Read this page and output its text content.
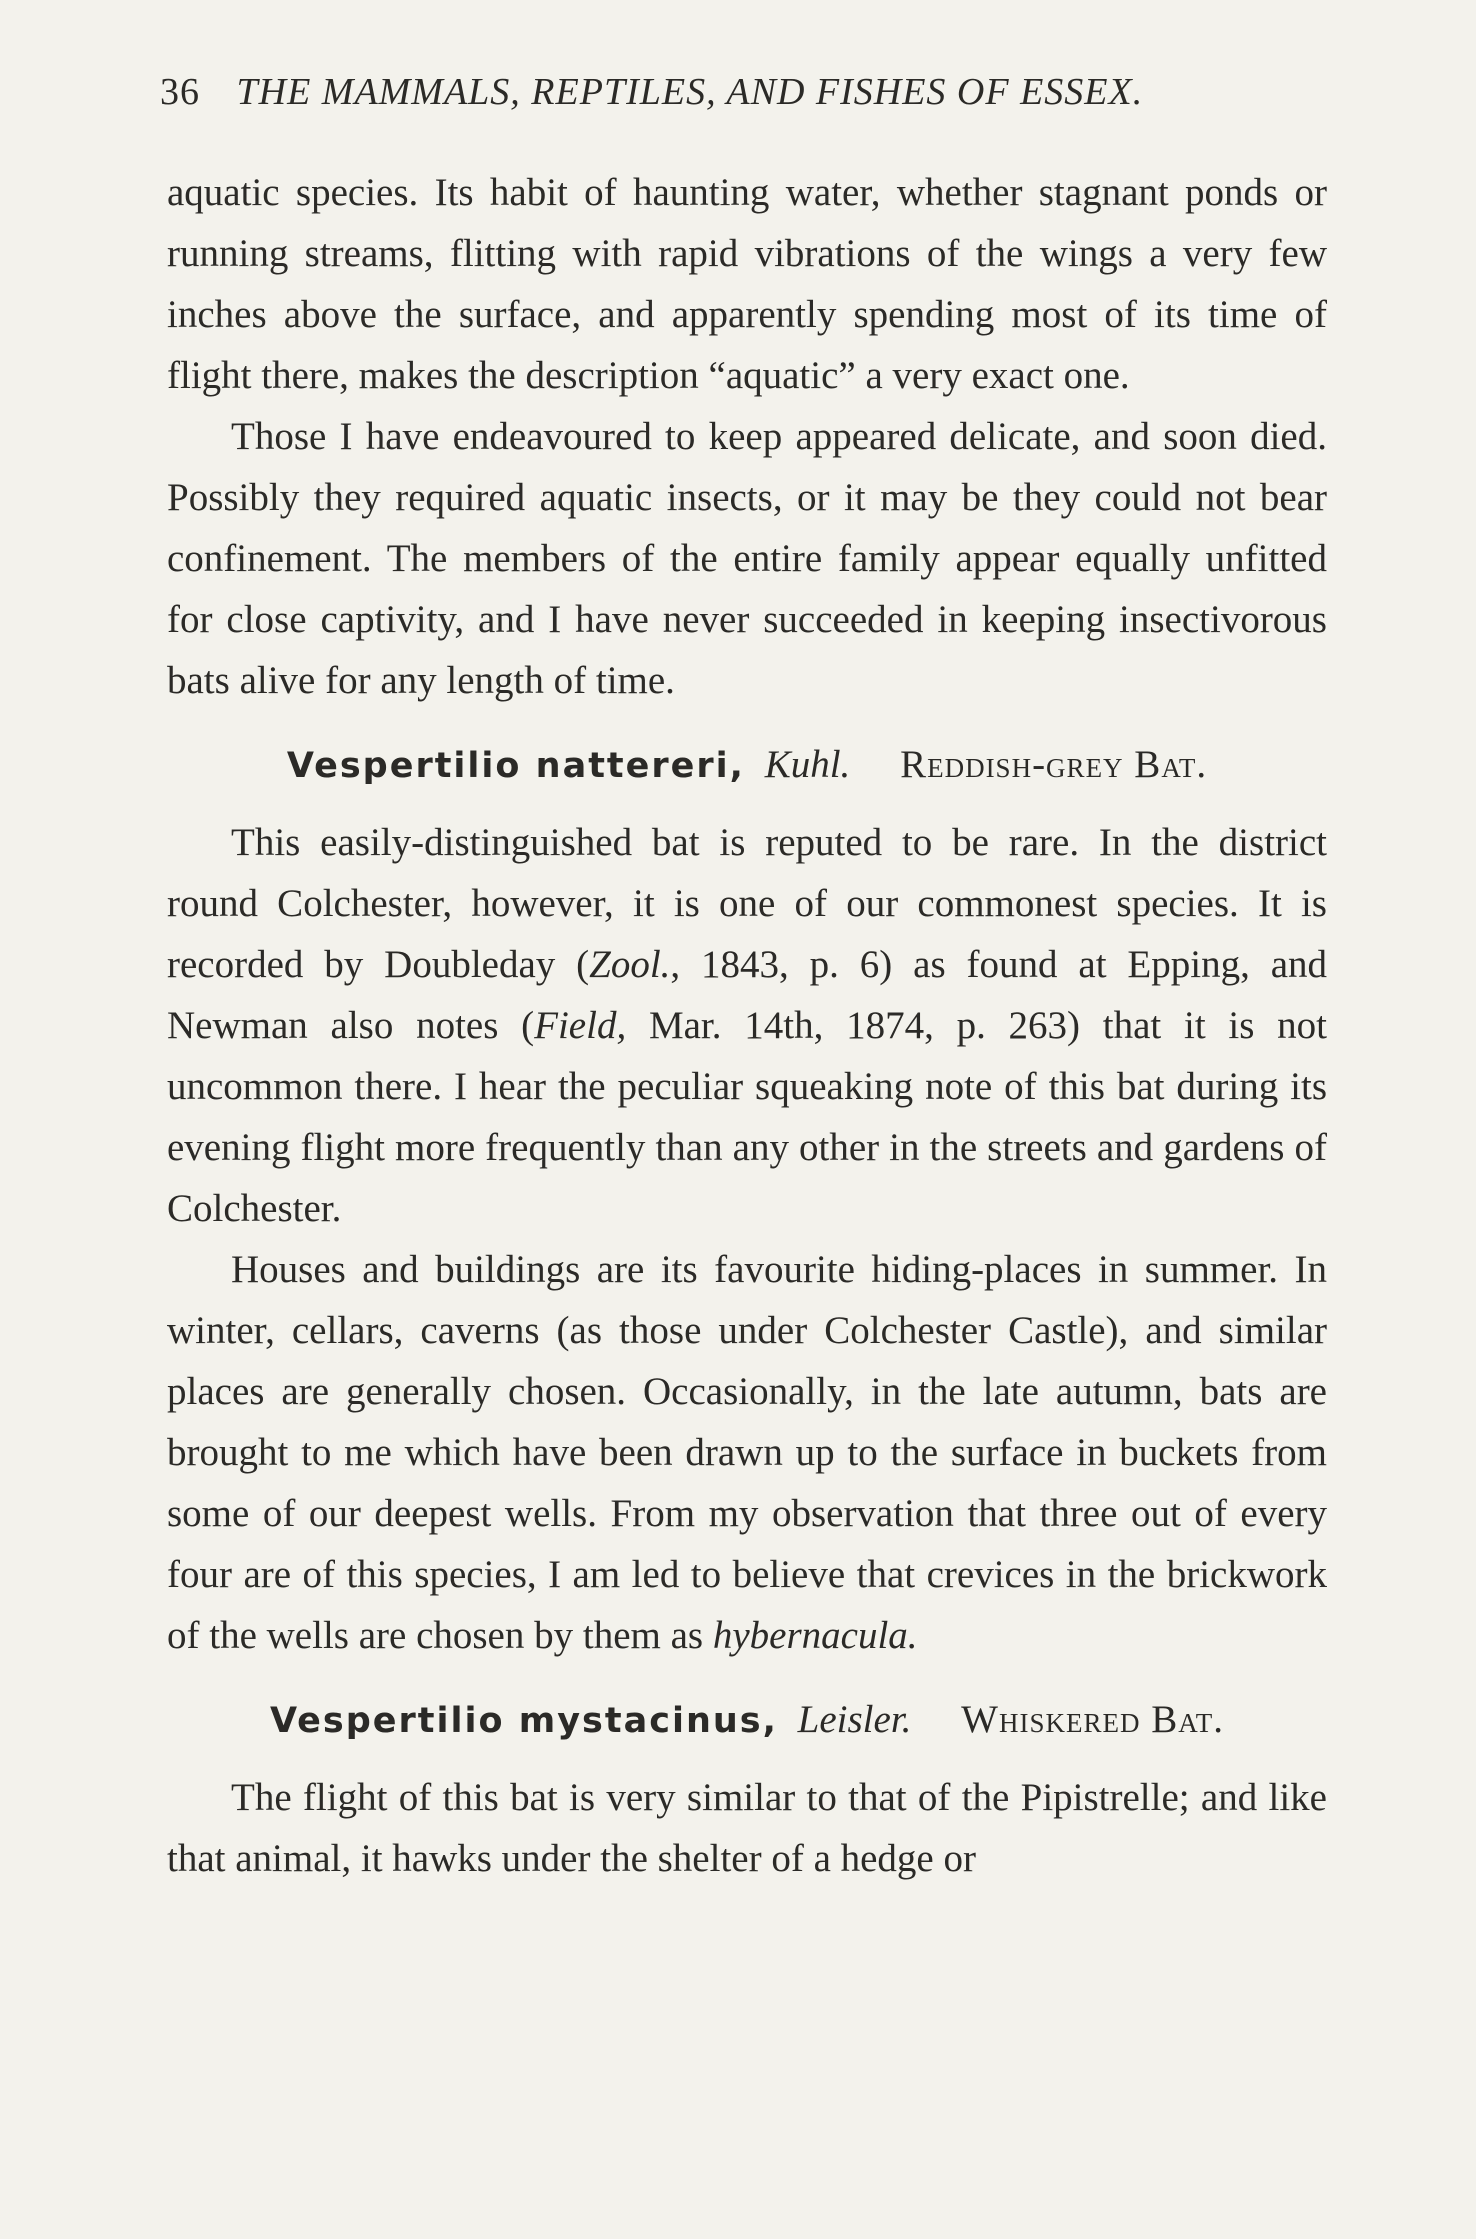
36 THE MAMMALS, REPTILES, AND FISHES OF ESSEX.

aquatic species. Its habit of haunting water, whether stagnant ponds or running streams, flitting with rapid vibrations of the wings a very few inches above the surface, and apparently spending most of its time of flight there, makes the description “aquatic” a very exact one.

Those I have endeavoured to keep appeared delicate, and soon died. Possibly they required aquatic insects, or it may be they could not bear confinement. The members of the entire family appear equally unfitted for close captivity, and I have never succeeded in keeping insectivorous bats alive for any length of time.

Vespertilio nattereri, Kuhl. Reddish-grey Bat.

This easily-distinguished bat is reputed to be rare. In the district round Colchester, however, it is one of our commonest species. It is recorded by Doubleday (Zool., 1843, p. 6) as found at Epping, and Newman also notes (Field, Mar. 14th, 1874, p. 263) that it is not uncommon there. I hear the peculiar squeaking note of this bat during its evening flight more frequently than any other in the streets and gardens of Colchester.

Houses and buildings are its favourite hiding-places in summer. In winter, cellars, caverns (as those under Colchester Castle), and similar places are generally chosen. Occasionally, in the late autumn, bats are brought to me which have been drawn up to the surface in buckets from some of our deepest wells. From my observation that three out of every four are of this species, I am led to believe that crevices in the brickwork of the wells are chosen by them as hybernacula.

Vespertilio mystacinus, Leisler. Whiskered Bat.

The flight of this bat is very similar to that of the Pipistrelle; and like that animal, it hawks under the shelter of a hedge or
